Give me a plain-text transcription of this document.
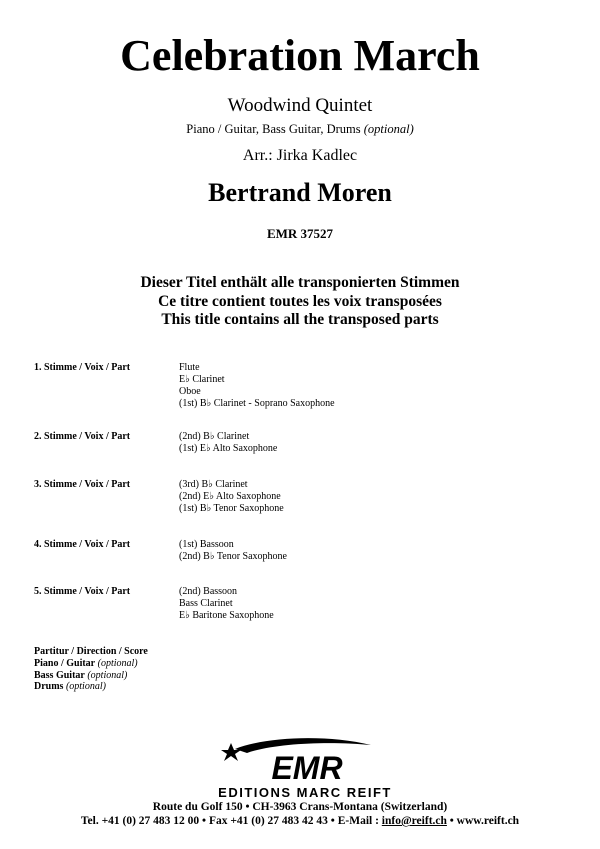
Celebration March
Woodwind Quintet
Piano / Guitar, Bass Guitar, Drums (optional)
Arr.: Jirka Kadlec
Bertrand Moren
EMR 37527
Dieser Titel enthält alle transponierten Stimmen
Ce titre contient toutes les voix transposées
This title contains all the transposed parts
1. Stimme / Voix / Part	Flute
E♭ Clarinet
Oboe
(1st) B♭ Clarinet - Soprano Saxophone
2. Stimme / Voix / Part	(2nd) B♭ Clarinet
(1st) E♭ Alto Saxophone
3. Stimme / Voix / Part	(3rd) B♭ Clarinet
(2nd) E♭ Alto Saxophone
(1st) B♭ Tenor Saxophone
4. Stimme / Voix / Part	(1st) Bassoon
(2nd) B♭ Tenor Saxophone
5. Stimme / Voix / Part	(2nd) Bassoon
Bass Clarinet
E♭ Baritone Saxophone
Partitur / Direction / Score
Piano / Guitar (optional)
Bass Guitar (optional)
Drums (optional)
EMR
EDITIONS MARC REIFT
Route du Golf 150 • CH-3963 Crans-Montana (Switzerland)
Tel. +41 (0) 27 483 12 00 • Fax +41 (0) 27 483 42 43 • E-Mail : info@reift.ch • www.reift.ch
